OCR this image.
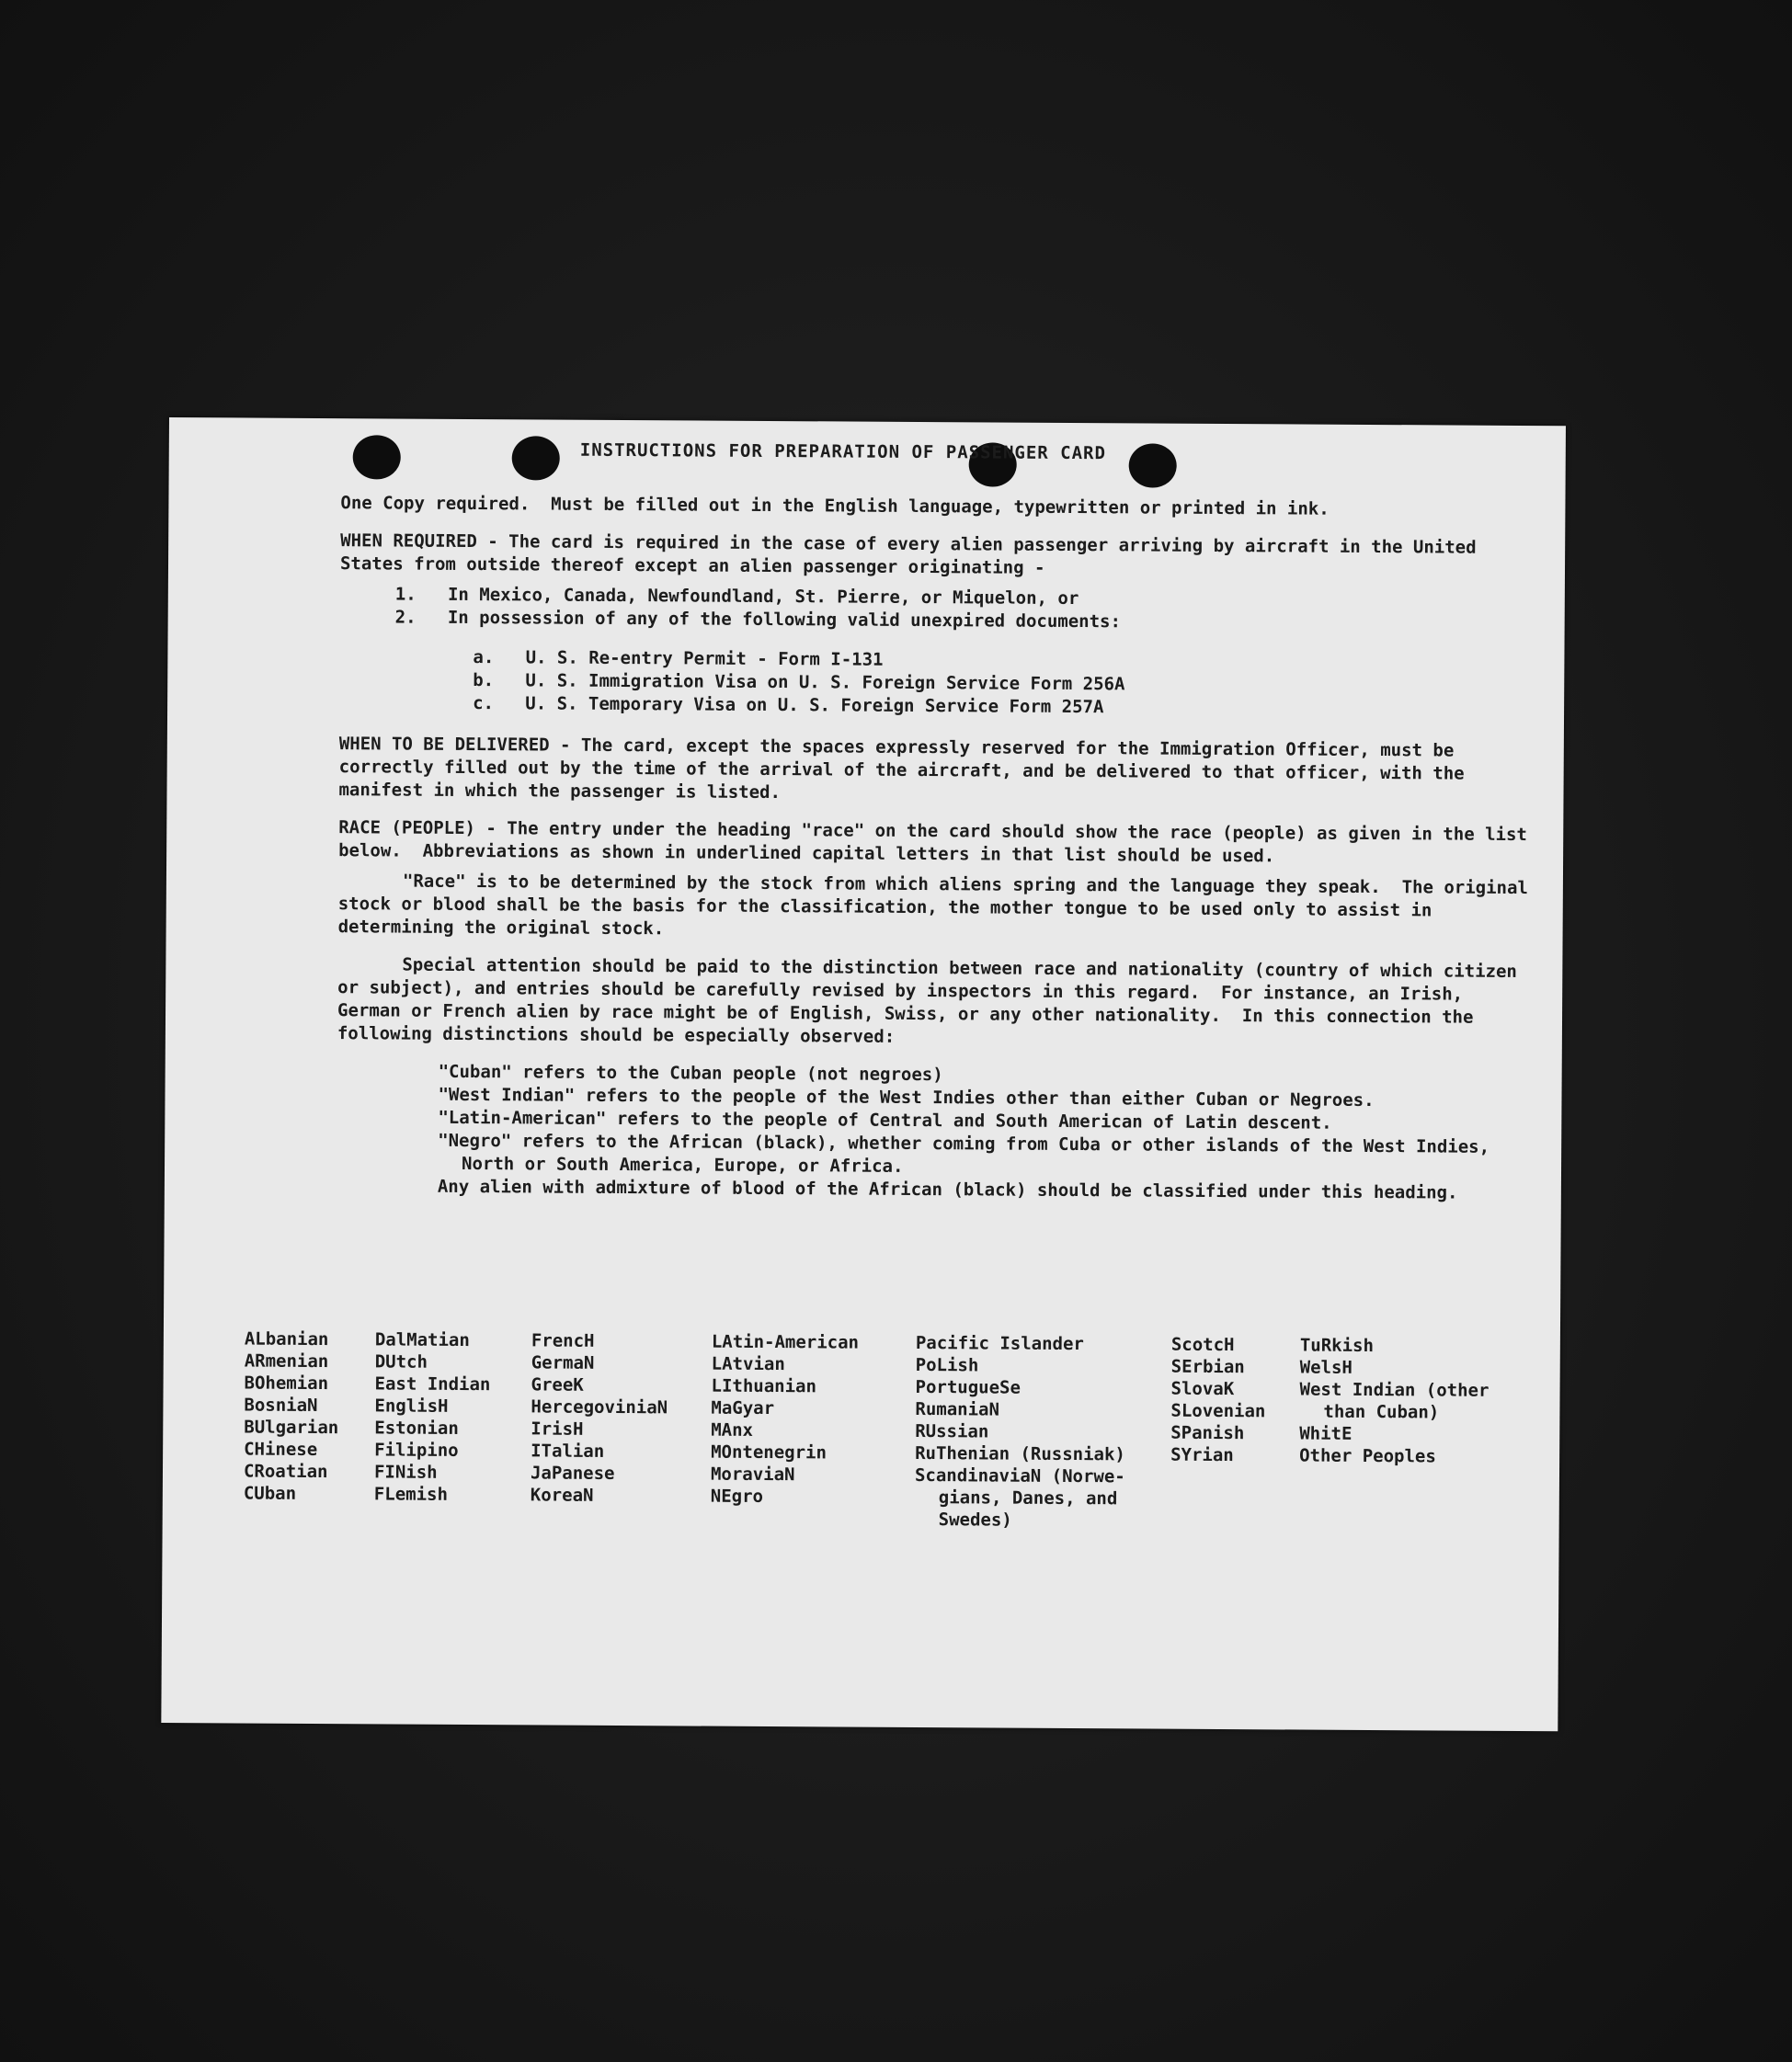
INSTRUCTIONS FOR PREPARATION OF PASSENGER CARD

One Copy required.  Must be filled out in the English language, typewritten or printed in ink.

WHEN REQUIRED - The card is required in the case of every alien passenger arriving by aircraft in the United States from outside thereof except an alien passenger originating -

1.   In Mexico, Canada, Newfoundland, St. Pierre, or Miquelon, or
2.   In possession of any of the following valid unexpired documents:
a.   U. S. Re-entry Permit - Form I-131
b.   U. S. Immigration Visa on U. S. Foreign Service Form 256A
c.   U. S. Temporary Visa on U. S. Foreign Service Form 257A

WHEN TO BE DELIVERED - The card, except the spaces expressly reserved for the Immigration Officer, must be correctly filled out by the time of the arrival of the aircraft, and be delivered to that officer, with the manifest in which the passenger is listed.

RACE (PEOPLE) - The entry under the heading "race" on the card should show the race (people) as given in the list below.  Abbreviations as shown in underlined capital letters in that list should be used.

"Race" is to be determined by the stock from which aliens spring and the language they speak.  The original stock or blood shall be the basis for the classification, the mother tongue to be used only to assist in determining the original stock.

Special attention should be paid to the distinction between race and nationality (country of which citizen or subject), and entries should be carefully revised by inspectors in this regard.  For instance, an Irish, German or French alien by race might be of English, Swiss, or any other nationality.  In this connection the following distinctions should be especially observed:

"Cuban" refers to the Cuban people (not negroes)

"West Indian" refers to the people of the West Indies other than either Cuban or Negroes.

"Latin-American" refers to the people of Central and South American of Latin descent.

"Negro" refers to the African (black), whether coming from Cuba or other islands of the West Indies, North or South America, Europe, or Africa.

Any alien with admixture of blood of the African (black) should be classified under this heading.

ALbanian
ARmenian
BOhemian
BosniaN
BUlgarian
CHinese
CRoatian
CUban
DalMatian
DUtch
East Indian
EnglisH
Estonian
Filipino
FINish
FLemish
FrencH
GermaN
GreeK
HercegoviniaN
IrisH
ITalian
JaPanese
KoreaN
LAtin-American
LAtvian
LIthuanian
MaGyar
MAnx
MOntenegrin
MoraviaN
NEgro
Pacific Islander
PoLish
PortugueSe
RumaniaN
RUssian
RuThenian (Russniak)
ScandinaviaN (Norwe-
gians, Danes, and
Swedes)
ScotcH
SErbian
SlovaK
SLovenian
SPanish
SYrian
TuRkish
WelsH
West Indian (other
than Cuban)
WhitE
Other Peoples
